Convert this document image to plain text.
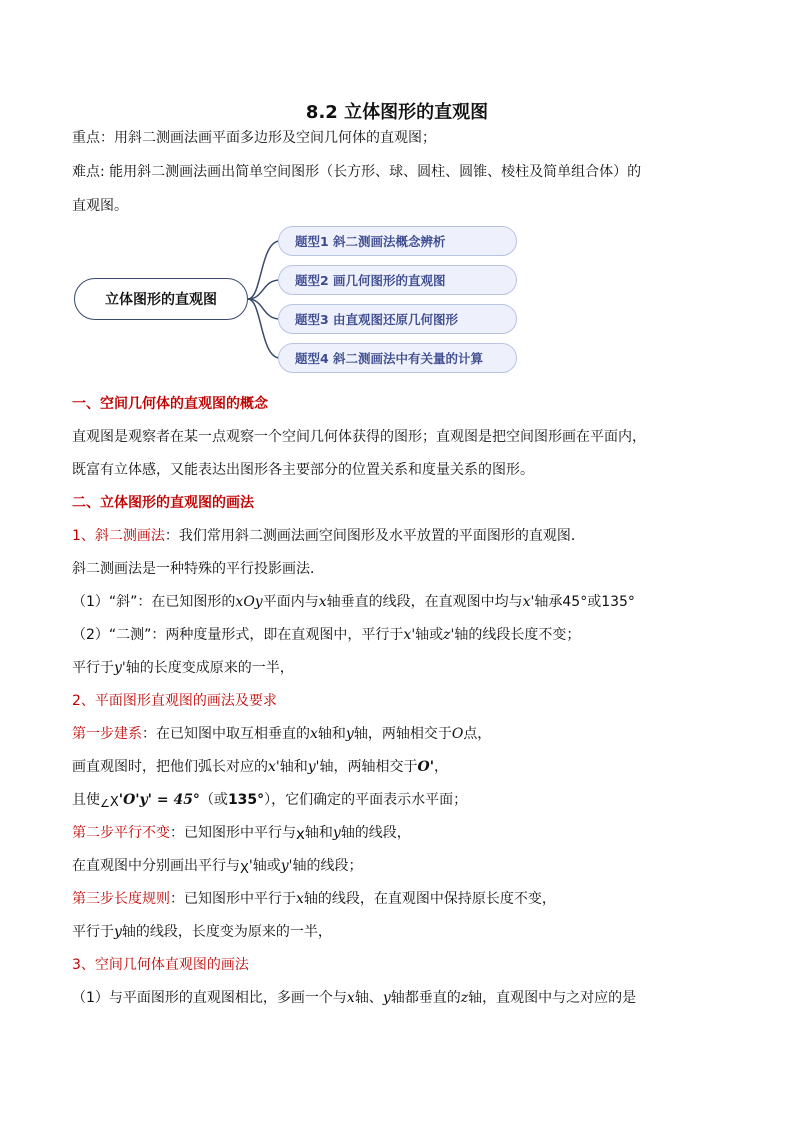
8.2 立体图形的直观图
重点：用斜二测画法画平面多边形及空间几何体的直观图；
难点: 能用斜二测画法画出简单空间图形（长方形、球、圆柱、圆锥、棱柱及简单组合体）的
直观图。
立体图形的直观图
题型1 斜二测画法概念辨析
题型2 画几何图形的直观图
题型3 由直观图还原几何图形
题型4 斜二测画法中有关量的计算
一、空间几何体的直观图的概念
直观图是观察者在某一点观察一个空间几何体获得的图形；直观图是把空间图形画在平面内，
既富有立体感，又能表达出图形各主要部分的位置关系和度量关系的图形。
二、立体图形的直观图的画法
1、斜二测画法：我们常用斜二测画法画空间图形及水平放置的平面图形的直观图．
斜二测画法是一种特殊的平行投影画法．
（1）“斜”：在已知图形的xOy平面内与x轴垂直的线段，在直观图中均与x'轴承45°或135°
（2）“二测”：两种度量形式，即在直观图中，平行于x'轴或z'轴的线段长度不变；
平行于y'轴的长度变成原来的一半，
2、平面图形直观图的画法及要求
第一步建系：在已知图中取互相垂直的x轴和y轴，两轴相交于O点，
画直观图时，把他们弧长对应的x'轴和y'轴，两轴相交于O'，
且使$_\angle$X'O'y' = 45°（或135°），它们确定的平面表示水平面；
第二步平行不变：已知图形中平行与x轴和y轴的线段，
在直观图中分别画出平行与X'轴或y'轴的线段；
第三步长度规则：已知图形中平行于x轴的线段，在直观图中保持原长度不变，
平行于y轴的线段，长度变为原来的一半，
3、空间几何体直观图的画法
（1）与平面图形的直观图相比，多画一个与x轴、y轴都垂直的z轴，直观图中与之对应的是
